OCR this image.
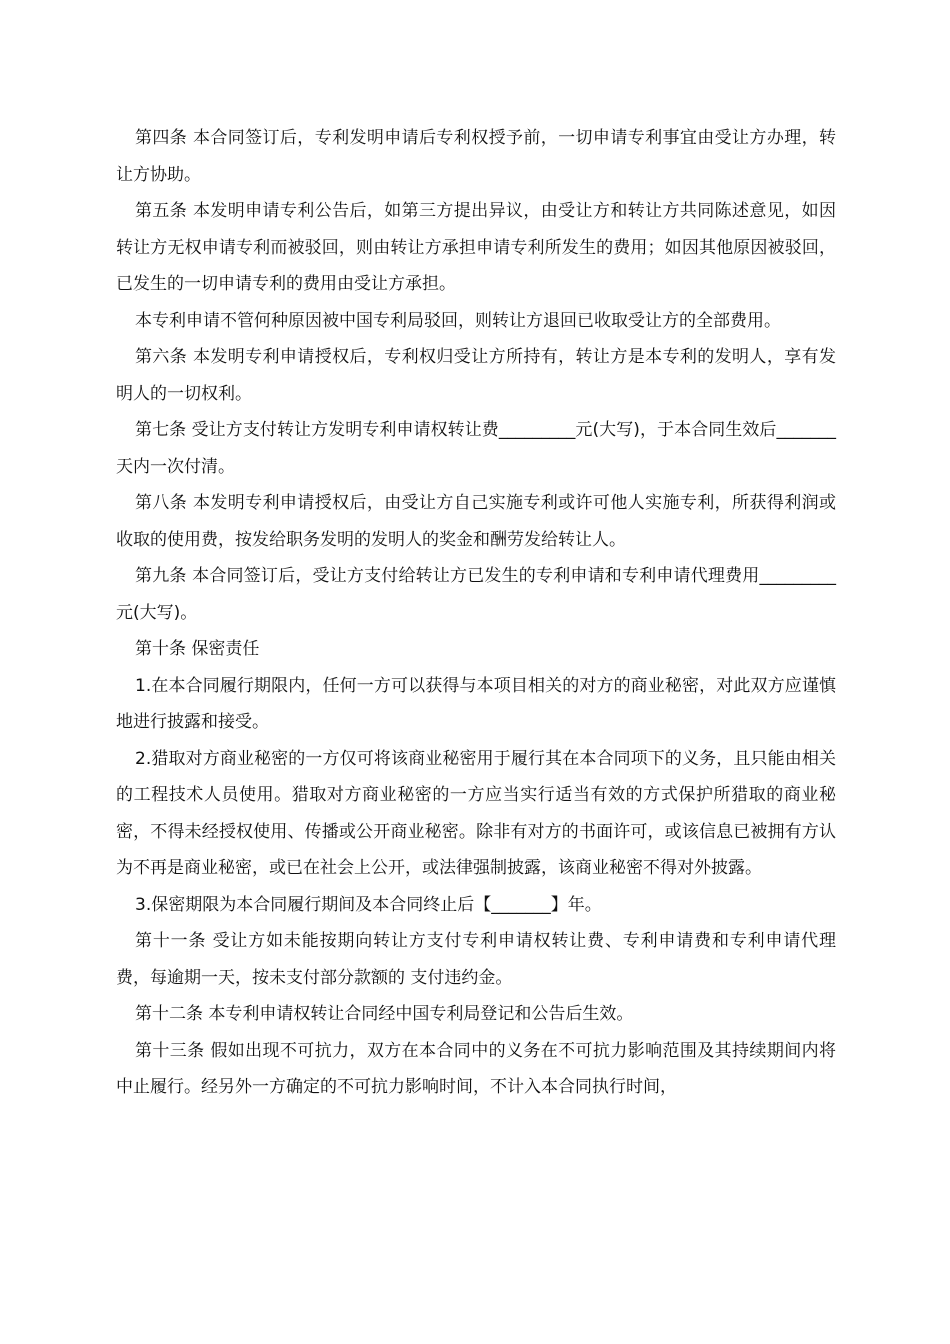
第四条 本合同签订后，专利发明申请后专利权授予前，一切申请专利事宜由受让方办理，转让方协助。

第五条 本发明申请专利公告后，如第三方提出异议，由受让方和转让方共同陈述意见，如因转让方无权申请专利而被驳回，则由转让方承担申请专利所发生的费用；如因其他原因被驳回，已发生的一切申请专利的费用由受让方承担。

本专利申请不管何种原因被中国专利局驳回，则转让方退回已收取受让方的全部费用。

第六条 本发明专利申请授权后，专利权归受让方所持有，转让方是本专利的发明人，享有发明人的一切权利。

第七条 受让方支付转让方发明专利申请权转让费_________元(大写)，于本合同生效后_______天内一次付清。

第八条 本发明专利申请授权后，由受让方自己实施专利或许可他人实施专利，所获得利润或收取的使用费，按发给职务发明的发明人的奖金和酬劳发给转让人。

第九条 本合同签订后，受让方支付给转让方已发生的专利申请和专利申请代理费用_________元(大写)。

第十条 保密责任

1.在本合同履行期限内，任何一方可以获得与本项目相关的对方的商业秘密，对此双方应谨慎地进行披露和接受。

2.猎取对方商业秘密的一方仅可将该商业秘密用于履行其在本合同项下的义务，且只能由相关的工程技术人员使用。猎取对方商业秘密的一方应当实行适当有效的方式保护所猎取的商业秘密，不得未经授权使用、传播或公开商业秘密。除非有对方的书面许可，或该信息已被拥有方认为不再是商业秘密，或已在社会上公开，或法律强制披露，该商业秘密不得对外披露。

3.保密期限为本合同履行期间及本合同终止后【_______】年。

第十一条 受让方如未能按期向转让方支付专利申请权转让费、专利申请费和专利申请代理费，每逾期一天，按未支付部分款额的 支付违约金。

第十二条 本专利申请权转让合同经中国专利局登记和公告后生效。

第十三条 假如出现不可抗力，双方在本合同中的义务在不可抗力影响范围及其持续期间内将中止履行。经另外一方确定的不可抗力影响时间，不计入本合同执行时间，
